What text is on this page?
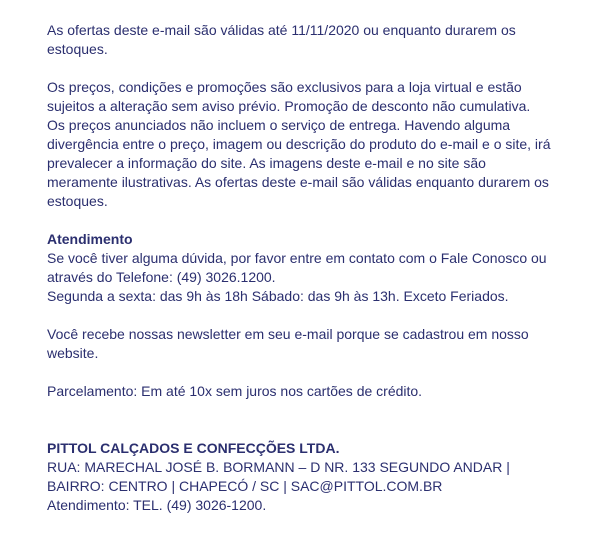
As ofertas deste e-mail são válidas até 11/11/2020 ou enquanto durarem os estoques.

Os preços, condições e promoções são exclusivos para a loja virtual e estão sujeitos a alteração sem aviso prévio. Promoção de desconto não cumulativa. Os preços anunciados não incluem o serviço de entrega. Havendo alguma divergência entre o preço, imagem ou descrição do produto do e-mail e o site, irá prevalecer a informação do site. As imagens deste e-mail e no site são meramente ilustrativas. As ofertas deste e-mail são válidas enquanto durarem os estoques.

Atendimento

Se você tiver alguma dúvida, por favor entre em contato com o Fale Conosco ou através do Telefone: (49) 3026.1200.

Segunda a sexta: das 9h às 18h Sábado: das 9h às 13h. Exceto Feriados.

Você recebe nossas newsletter em seu e-mail porque se cadastrou em nosso website.

Parcelamento: Em até 10x sem juros nos cartões de crédito.

PITTOL CALÇADOS E CONFECÇÕES LTDA.

RUA: MARECHAL JOSÉ B. BORMANN – D NR. 133 SEGUNDO ANDAR | BAIRRO: CENTRO | CHAPECÓ / SC | SAC@PITTOL.COM.BR

Atendimento: TEL. (49) 3026-1200.
